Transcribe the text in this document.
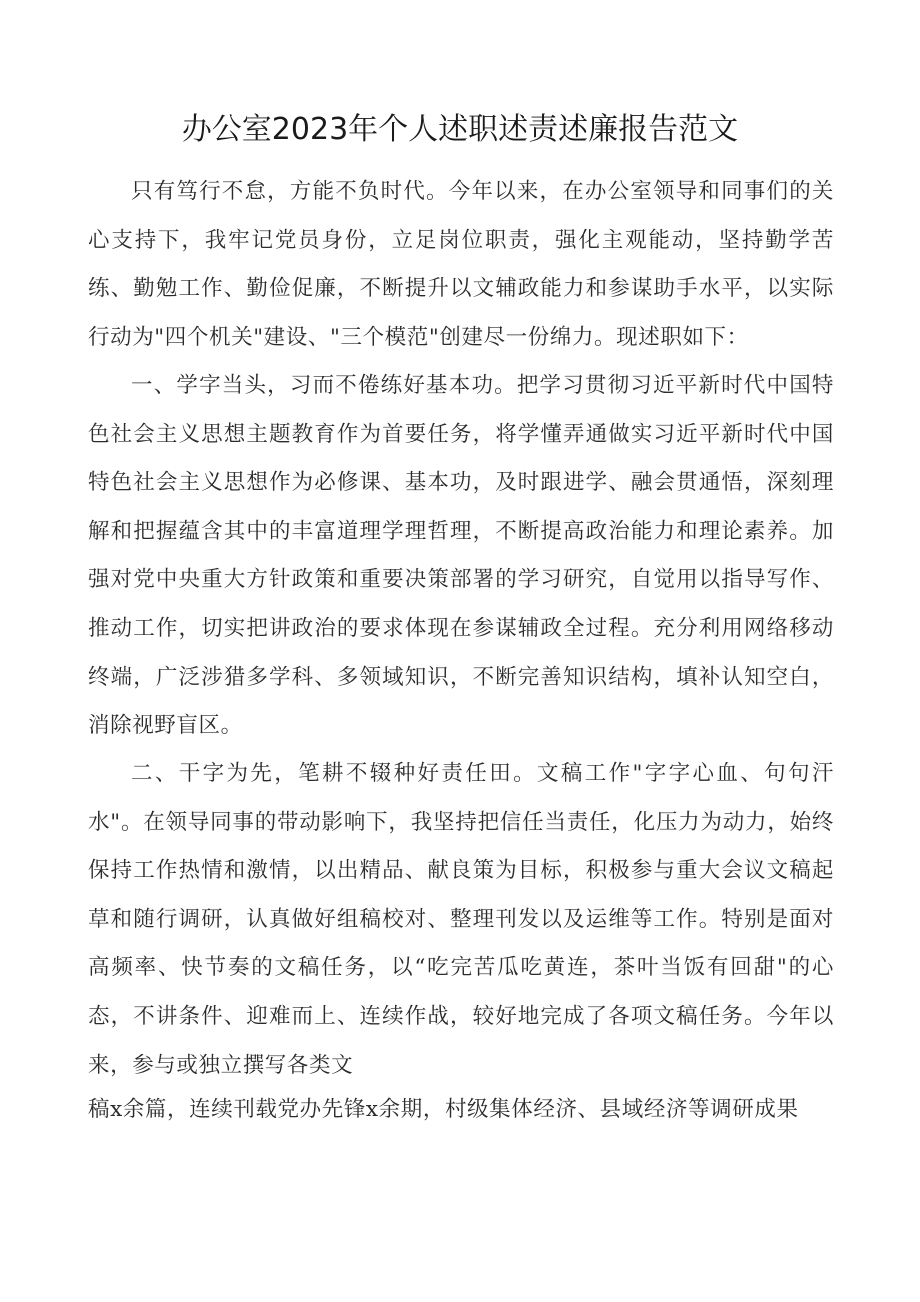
办公室2023年个人述职述责述廉报告范文

只有笃行不怠，方能不负时代。今年以来，在办公室领导和同事们的关心支持下，我牢记党员身份，立足岗位职责，强化主观能动，坚持勤学苦练、勤勉工作、勤俭促廉，不断提升以文辅政能力和参谋助手水平，以实际行动为"四个机关"建设、"三个模范"创建尽一份绵力。现述职如下：

一、学字当头，习而不倦练好基本功。把学习贯彻习近平新时代中国特色社会主义思想主题教育作为首要任务，将学懂弄通做实习近平新时代中国特色社会主义思想作为必修课、基本功，及时跟进学、融会贯通悟，深刻理解和把握蕴含其中的丰富道理学理哲理，不断提高政治能力和理论素养。加强对党中央重大方针政策和重要决策部署的学习研究，自觉用以指导写作、推动工作，切实把讲政治的要求体现在参谋辅政全过程。充分利用网络移动终端，广泛涉猎多学科、多领域知识，不断完善知识结构，填补认知空白，消除视野盲区。

二、干字为先，笔耕不辍种好责任田。文稿工作"字字心血、句句汗水"。在领导同事的带动影响下，我坚持把信任当责任，化压力为动力，始终保持工作热情和激情，以出精品、献良策为目标，积极参与重大会议文稿起草和随行调研，认真做好组稿校对、整理刊发以及运维等工作。特别是面对高频率、快节奏的文稿任务，以“吃完苦瓜吃黄连，茶叶当饭有回甜"的心态，不讲条件、迎难而上、连续作战，较好地完成了各项文稿任务。今年以来，参与或独立撰写各类文

稿x余篇，连续刊载党办先锋x余期，村级集体经济、县域经济等调研成果
